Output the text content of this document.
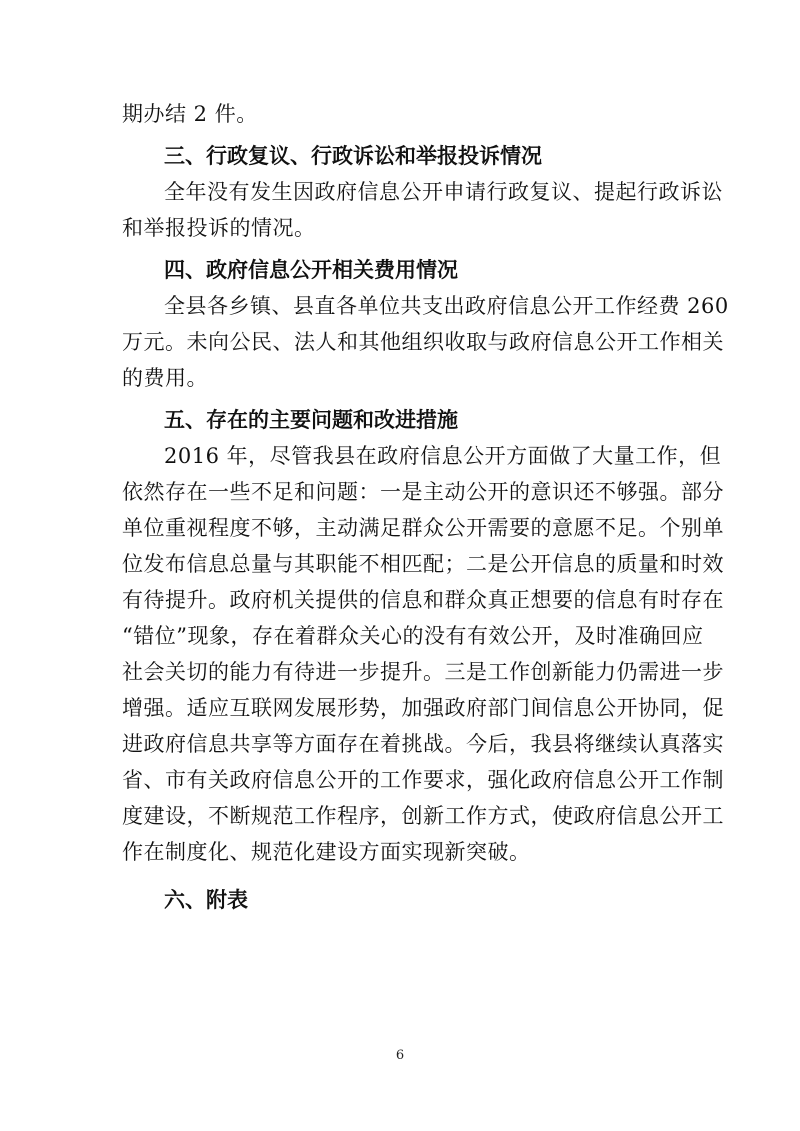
期办结 2 件。
三、行政复议、行政诉讼和举报投诉情况
全年没有发生因政府信息公开申请行政复议、提起行政诉讼
和举报投诉的情况。
四、政府信息公开相关费用情况
全县各乡镇、县直各单位共支出政府信息公开工作经费 260
万元。未向公民、法人和其他组织收取与政府信息公开工作相关
的费用。
五、存在的主要问题和改进措施
2016 年，尽管我县在政府信息公开方面做了大量工作，但
依然存在一些不足和问题：一是主动公开的意识还不够强。部分
单位重视程度不够，主动满足群众公开需要的意愿不足。个别单
位发布信息总量与其职能不相匹配；二是公开信息的质量和时效
有待提升。政府机关提供的信息和群众真正想要的信息有时存在
“错位”现象，存在着群众关心的没有有效公开，及时准确回应
社会关切的能力有待进一步提升。三是工作创新能力仍需进一步
增强。适应互联网发展形势，加强政府部门间信息公开协同，促
进政府信息共享等方面存在着挑战。今后，我县将继续认真落实
省、市有关政府信息公开的工作要求，强化政府信息公开工作制
度建设，不断规范工作程序，创新工作方式，使政府信息公开工
作在制度化、规范化建设方面实现新突破。
六、附表
6
